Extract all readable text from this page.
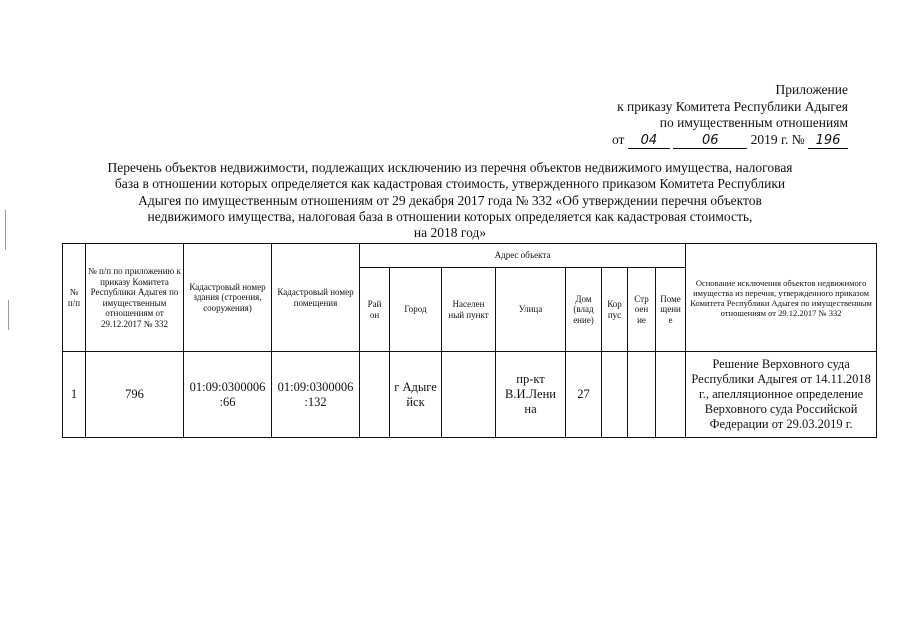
Приложение
к приказу Комитета Республики Адыгея
по имущественным отношениям
от 04	06 2019 г. № 196
Перечень объектов недвижимости, подлежащих исключению из перечня объектов недвижимого имущества, налоговая
база в отношении которых определяется как кадастровая стоимость, утвержденного приказом Комитета Республики
Адыгея по имущественным отношениям от 29 декабря 2017 года № 332 «Об утверждении перечня объектов
недвижимого имущества, налоговая база в отношении которых определяется как кадастровая стоимость,
на 2018 год»
№ п/п	№ п/п по приложению к приказу Комитета Республики Адыгея по имущественным отношениям от 29.12.2017 № 332	Кадастровый номер здания (строения, сооружения)	Кадастровый номер помещения	Адрес объекта								Основание исключения объектов недвижимого имущества из перечня, утвержденного приказом Комитета Республики Адыгея по имущественным отношениям от 29.12.2017 № 332
				Рай он	Город	Населен ный пункт	Улица	Дом (влад ение)	Кор пус	Стр оен ие	Поме щени е	
1	796	01:09:0300006 :66	01:09:0300006 :132		г Адыге йск		пр-кт В.И.Лени на	27				Решение Верховного суда Республики Адыгея от 14.11.2018 г., апелляционное определение Верховного суда Российской Федерации от 29.03.2019 г.
